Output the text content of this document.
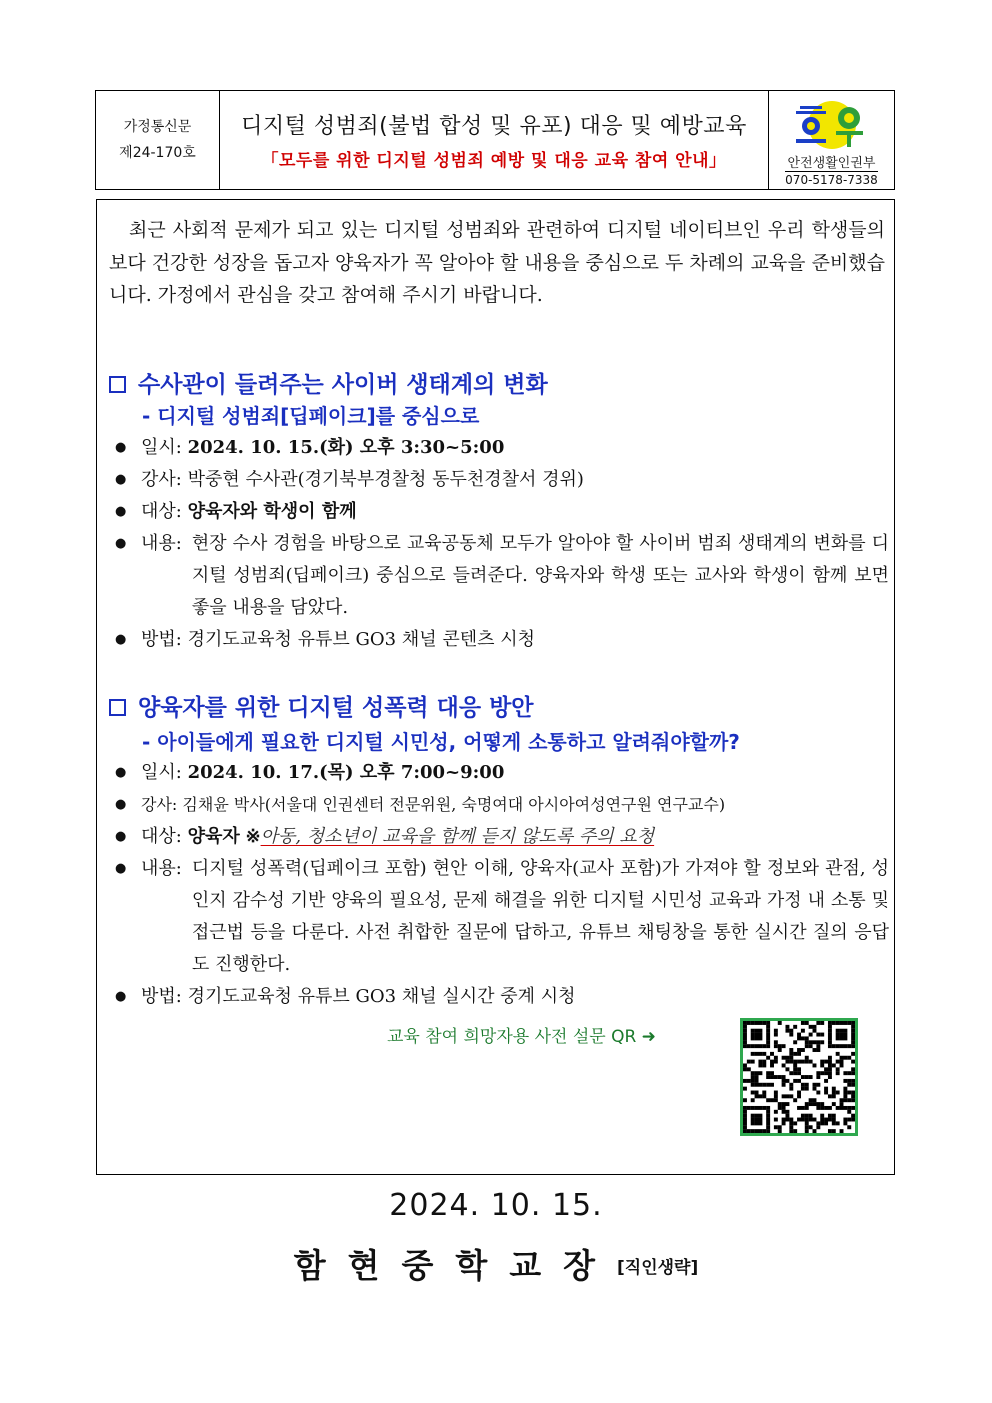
가정통신문
제24-170호
디지털 성범죄(불법 합성 및 유포) 대응 및 예방교육
「모두를 위한 디지털 성범죄 예방 및 대응 교육 참여 안내」	안전생활인권부
070-5178-7338

최근 사회적 문제가 되고 있는 디지털 성범죄와 관련하여 디지털 네이티브인 우리 학생들의 보다 건강한 성장을 돕고자 양육자가 꼭 알아야 할 내용을 중심으로 두 차례의 교육을 준비했습니다. 가정에서 관심을 갖고 참여해 주시기 바랍니다.

수사관이 들려주는 사이버 생태계의 변화
- 디지털 성범죄[딥페이크]를 중심으로
● 일시: 2024. 10. 15.(화) 오후 3:30~5:00
● 강사: 박중현 수사관(경기북부경찰청 동두천경찰서 경위)
● 대상: 양육자와 학생이 함께
● 내용: 현장 수사 경험을 바탕으로 교육공동체 모두가 알아야 할 사이버 범죄 생태계의 변화를 디지털 성범죄(딥페이크) 중심으로 들려준다. 양육자와 학생 또는 교사와 학생이 함께 보면 좋을 내용을 담았다.
● 방법: 경기도교육청 유튜브 GO3 채널 콘텐츠 시청
양육자를 위한 디지털 성폭력 대응 방안
- 아이들에게 필요한 디지털 시민성, 어떻게 소통하고 알려줘야할까?
● 일시: 2024. 10. 17.(목) 오후 7:00~9:00
● 강사: 김채윤 박사(서울대 인권센터 전문위원, 숙명여대 아시아여성연구원 연구교수)
● 대상: 양육자 ※아동, 청소년이 교육을 함께 듣지 않도록 주의 요청
● 내용: 디지털 성폭력(딥페이크 포함) 현안 이해, 양육자(교사 포함)가 가져야 할 정보와 관점, 성인지 감수성 기반 양육의 필요성, 문제 해결을 위한 디지털 시민성 교육과 가정 내 소통 및 접근법 등을 다룬다. 사전 취합한 질문에 답하고, 유튜브 채팅창을 통한 실시간 질의 응답도 진행한다.
● 방법: 경기도교육청 유튜브 GO3 채널 실시간 중계 시청
교육 참여 희망자용 사전 설문 QR ➜
2024. 10. 15.
함현중학교장[직인생략]
